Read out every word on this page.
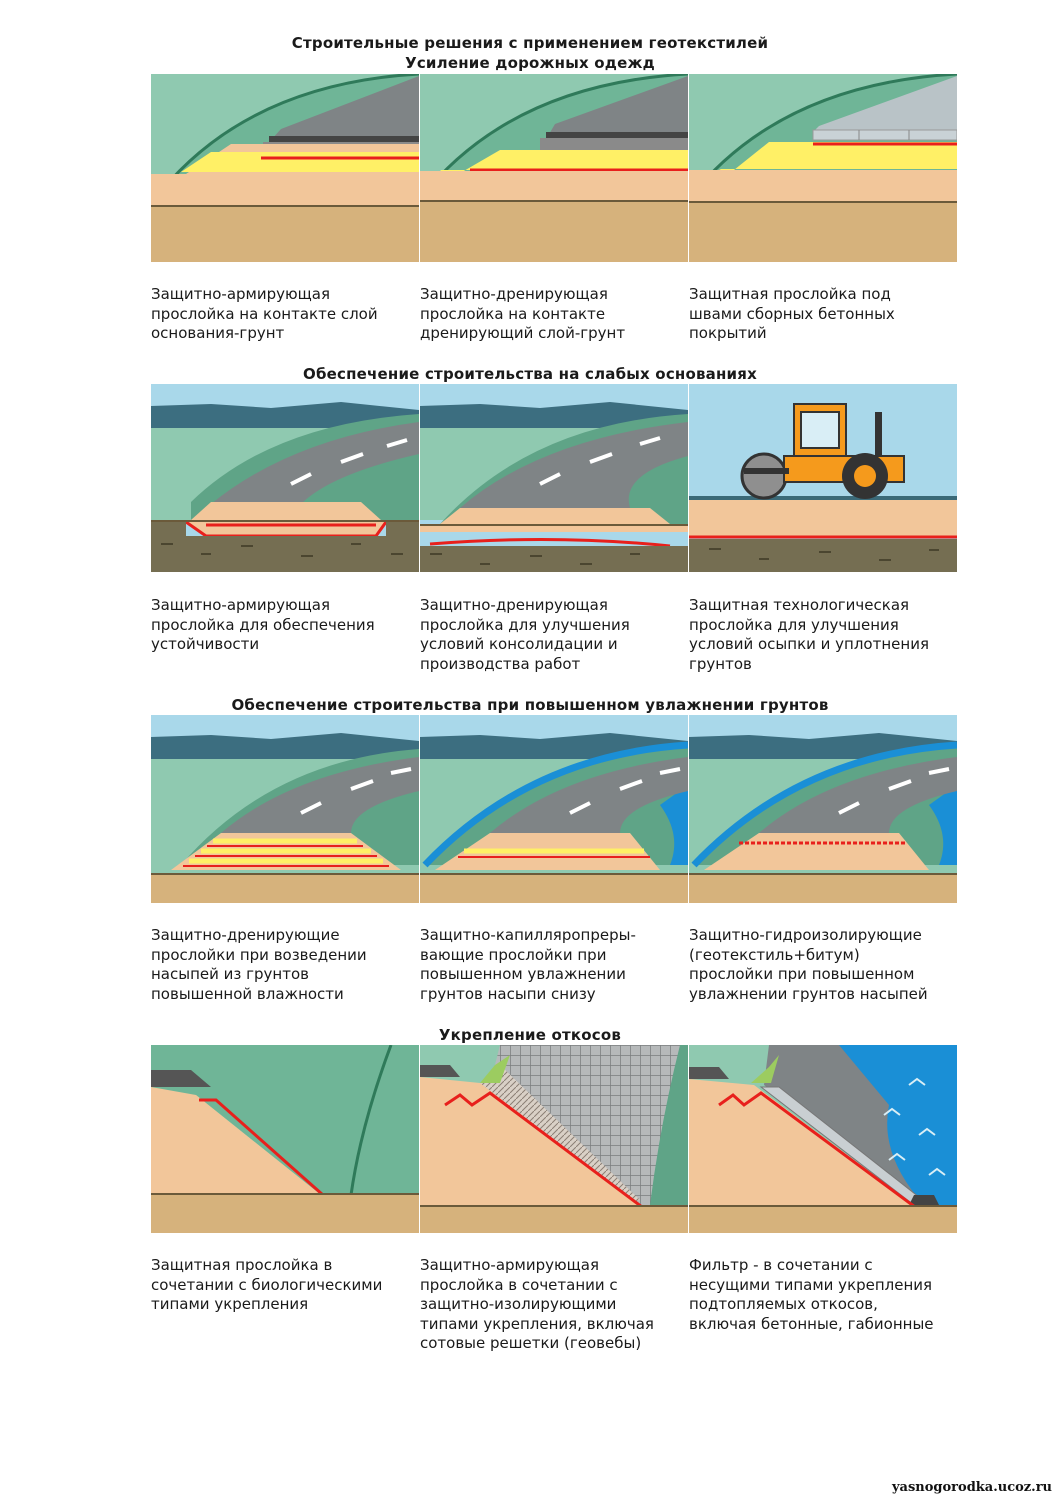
Строительные решения с применением геотекстилей
Усиление дорожных одежд

Защитно-армирующая
прослойка на контакте слой
основания-грунт

Защитно-дренирующая
прослойка на контакте
дренирующий слой-грунт

Защитная прослойка под
швами сборных бетонных
покрытий

Обеспечение строительства на слабых основаниях

Защитно-армирующая
прослойка для обеспечения
устойчивости

Защитно-дренирующая
прослойка для улучшения
условий консолидации и
производства работ

Защитная технологическая
прослойка для улучшения
условий осыпки и уплотнения
грунтов

Обеспечение строительства при повышенном увлажнении грунтов

Защитно-дренирующие
прослойки при возведении
насыпей из грунтов
повышенной влажности

Защитно-капилляропреры-
вающие прослойки при
повышенном увлажнении
грунтов насыпи снизу

Защитно-гидроизолирующие
(геотекстиль+битум)
прослойки при повышенном
увлажнении грунтов насыпей

Укрепление откосов

Защитная прослойка в
сочетании с биологическими
типами укрепления

Защитно-армирующая
прослойка в сочетании с
защитно-изолирующими
типами укрепления, включая
сотовые решетки (геовебы)

Фильтр - в сочетании с
несущими типами укрепления
подтопляемых откосов,
включая бетонные, габионные

yasnogorodka.ucoz.ru
